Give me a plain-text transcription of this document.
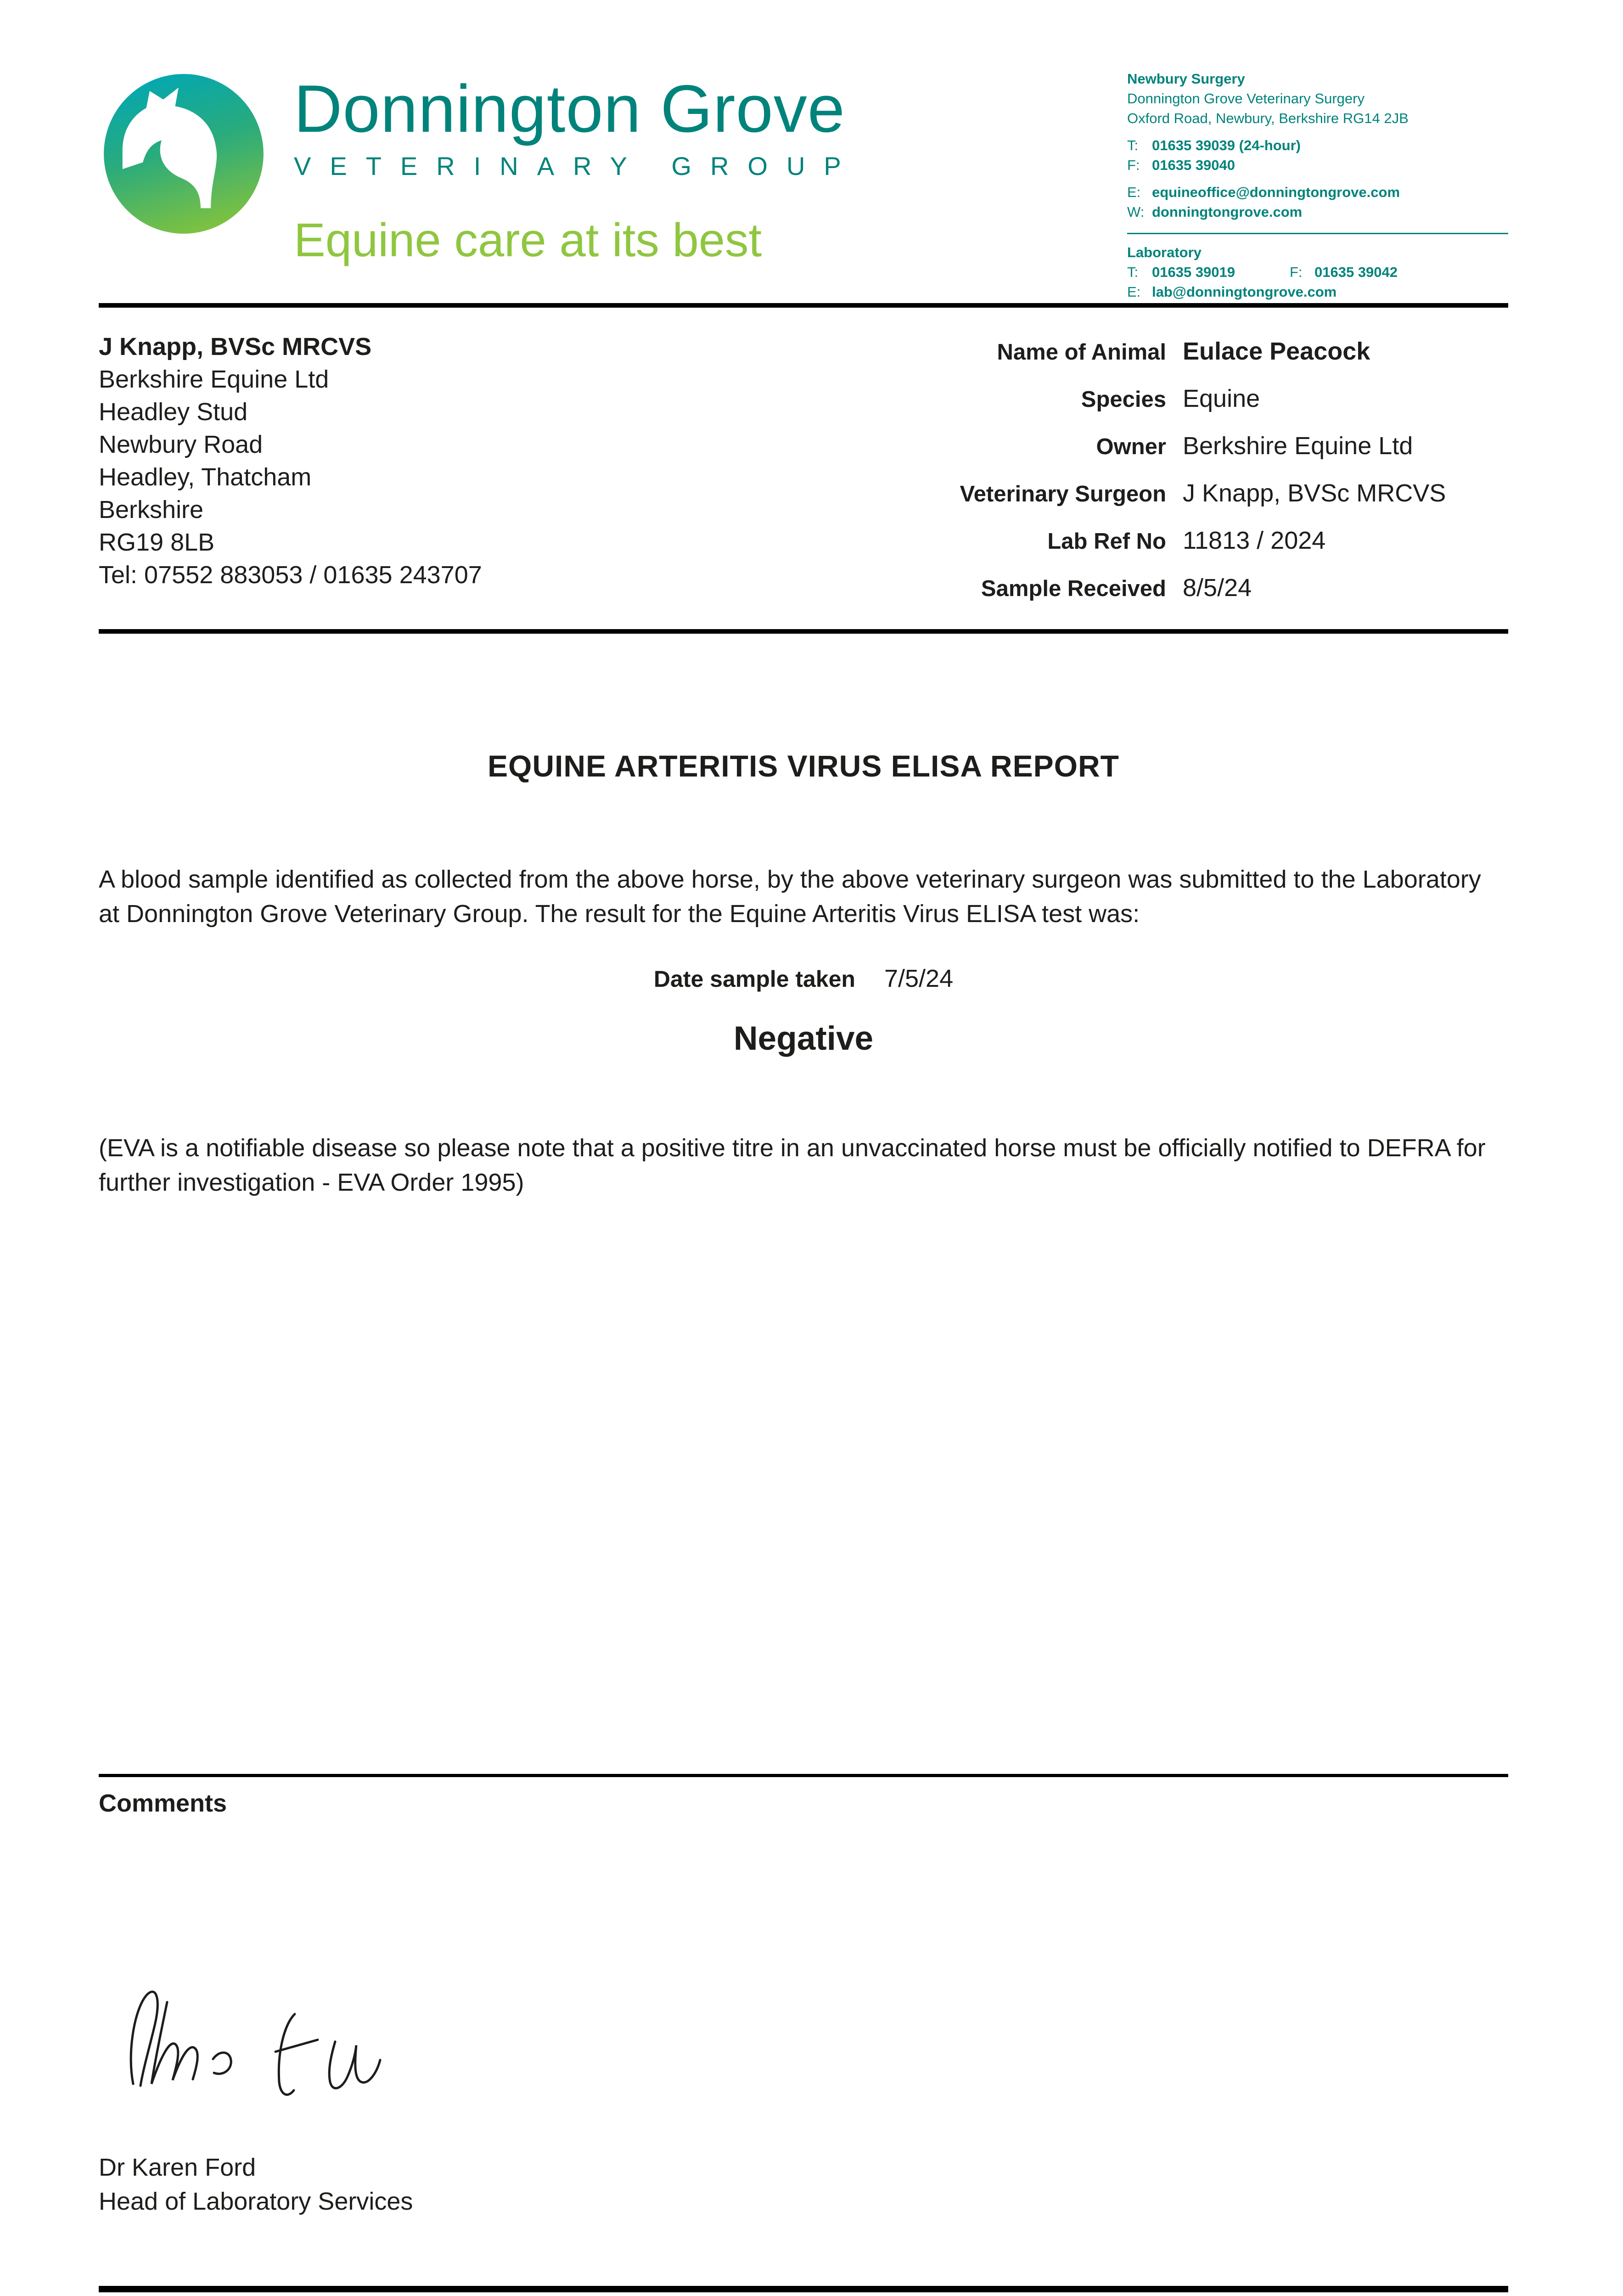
Donnington Grove
VETERINARY GROUP
Equine care at its best
Newbury Surgery
Donnington Grove Veterinary Surgery
Oxford Road, Newbury, Berkshire RG14 2JB
T: 01635 39039 (24-hour)
F: 01635 39040
E: equineoffice@donningtongrove.com
W: donningtongrove.com
Laboratory
T: 01635 39019	F: 01635 39042
E: lab@donningtongrove.com
J Knapp, BVSc MRCVS
Berkshire Equine Ltd
Headley Stud
Newbury Road
Headley, Thatcham
Berkshire
RG19 8LB
Tel: 07552 883053 / 01635 243707
Name of Animal Eulace Peacock
Species Equine
Owner Berkshire Equine Ltd
Veterinary Surgeon J Knapp, BVSc MRCVS
Lab Ref No 11813 / 2024
Sample Received 8/5/24
EQUINE ARTERITIS VIRUS ELISA REPORT

A blood sample identified as collected from the above horse, by the above veterinary surgeon was submitted to the Laboratory at Donnington Grove Veterinary Group. The result for the Equine Arteritis Virus ELISA test was:

Date sample taken 7/5/24
Negative

(EVA is a notifiable disease so please note that a positive titre in an unvaccinated horse must be officially notified to DEFRA for further investigation - EVA Order 1995)

Comments
Dr Karen Ford
Head of Laboratory Services
